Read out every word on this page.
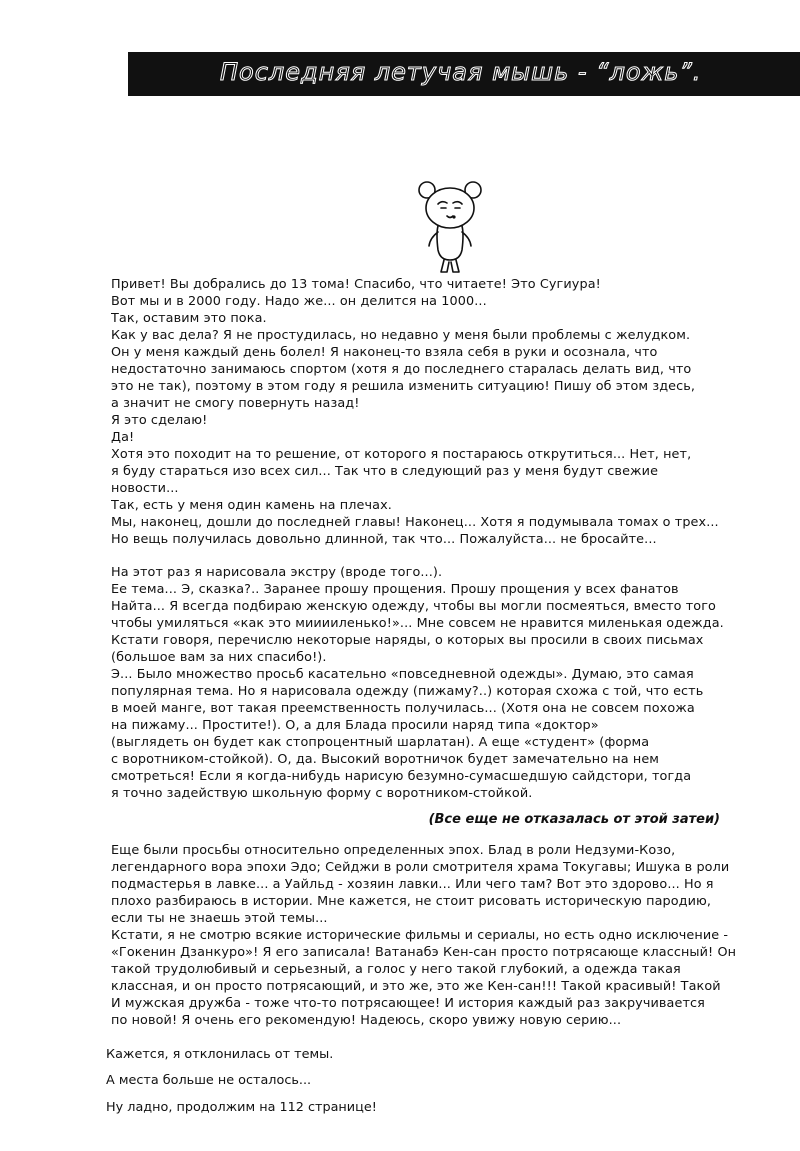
Последняя летучая мышь - “ложь”.
Привет! Вы добрались до 13 тома! Спасибо, что читаете! Это Сугиура!
Вот мы и в 2000 году. Надо же... он делится на 1000...
Так, оставим это пока.
Как у вас дела? Я не простудилась, но недавно у меня были проблемы с желудком.
Он у меня каждый день болел! Я наконец-то взяла себя в руки и осознала, что
недостаточно занимаюсь спортом (хотя я до последнего старалась делать вид, что
это не так), поэтому в этом году я решила изменить ситуацию! Пишу об этом здесь,
а значит не смогу повернуть назад!
Я это сделаю!
Да!
Хотя это походит на то решение, от которого я постараюсь открутиться... Нет, нет,
я буду стараться изо всех сил... Так что в следующий раз у меня будут свежие
новости...
Так, есть у меня один камень на плечах.
Мы, наконец, дошли до последней главы! Наконец... Хотя я подумывала томах о трех...
Но вещь получилась довольно длинной, так что... Пожалуйста... не бросайте...
На этот раз я нарисовала экстру (вроде того...).
Ее тема... Э, сказка?.. Заранее прошу прощения. Прошу прощения у всех фанатов
Найта... Я всегда подбираю женскую одежду, чтобы вы могли посмеяться, вместо того
чтобы умиляться «как это мииииленько!»... Мне совсем не нравится миленькая одежда.
Кстати говоря, перечислю некоторые наряды, о которых вы просили в своих письмах
(большое вам за них спасибо!).
Э... Было множество просьб касательно «повседневной одежды». Думаю, это самая
популярная тема. Но я нарисовала одежду (пижаму?..) которая схожа с той, что есть
в моей манге, вот такая преемственность получилась... (Хотя она не совсем похожа
на пижаму... Простите!). О, а для Блада просили наряд типа «доктор»
(выглядеть он будет как стопроцентный шарлатан). А еще «студент» (форма
с воротником-стойкой). О, да. Высокий воротничок будет замечательно на нем
смотреться! Если я когда-нибудь нарисую безумно-сумасшедшую сайдстори, тогда
я точно задействую школьную форму с воротником-стойкой.
(Все еще не отказалась от этой затеи)
Еще были просьбы относительно определенных эпох. Блад в роли Недзуми-Козо,
легендарного вора эпохи Эдо; Сейджи в роли смотрителя храма Токугавы; Ишука в роли
подмастерья в лавке... а Уайльд - хозяин лавки... Или чего там? Вот это здорово... Но я
плохо разбираюсь в истории. Мне кажется, не стоит рисовать историческую пародию,
если ты не знаешь этой темы...
Кстати, я не смотрю всякие исторические фильмы и сериалы, но есть одно исключение -
«Гокенин Дзанкуро»! Я его записала! Ватанабэ Кен-сан просто потрясающе классный! Он
такой трудолюбивый и серьезный, а голос у него такой глубокий, а одежда такая
классная, и он просто потрясающий, и это же, это же Кен-сан!!! Такой красивый! Такой
И мужская дружба - тоже что-то потрясающее! И история каждый раз закручивается
по новой! Я очень его рекомендую! Надеюсь, скоро увижу новую серию...
Кажется, я отклонилась от темы.
А места больше не осталось...
Ну ладно, продолжим на 112 странице!
